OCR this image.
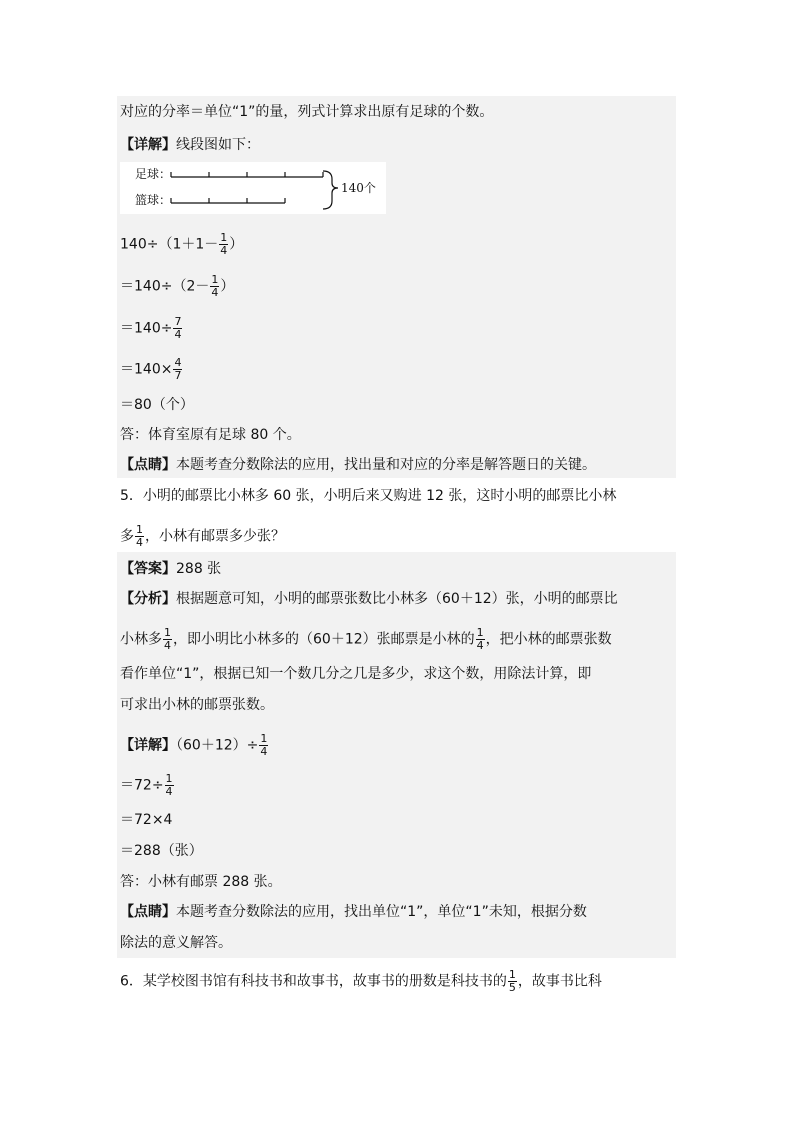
对应的分率＝单位“1”的量，列式计算求出原有足球的个数。
【详解】线段图如下：
足球：
篮球：
140个
$140\div(1+1- \frac{1}{4}$ ）
$=140\div(2- \frac{1}{4}$ ）
$=140\div \frac{7}{4}$
$=140\times \frac{4}{7}$
＝80（个）
答：体育室原有足球 80 个。
【点睛】本题考查分数除法的应用，找出量和对应的分率是解答题日的关键。
5．小明的邮票比小林多 60 张，小明后来又购进 12 张，这时小明的邮票比小林
多 $\frac{1}{4}$ ，小林有邮票多少张？
【答案】288 张
【分析】根据题意可知，小明的邮票张数比小林多（60＋12）张，小明的邮票比
小林多 $\frac{1}{4}$ ，即小明比小林多的（60＋12）张邮票是小林的 $\frac{1}{4}$ ，把小林的邮票张数
看作单位“1”，根据已知一个数几分之几是多少，求这个数，用除法计算，即
可求出小林的邮票张数。
【详解】$(60+12)\div \frac{1}{4}$
$=72\div \frac{1}{4}$
＝72×4
＝288（张）
答：小林有邮票 288 张。
【点睛】本题考查分数除法的应用，找出单位“1”，单位“1”未知，根据分数
除法的意义解答。
6．某学校图书馆有科技书和故事书，故事书的册数是科技书的 $\frac{1}{5}$ ，故事书比科
